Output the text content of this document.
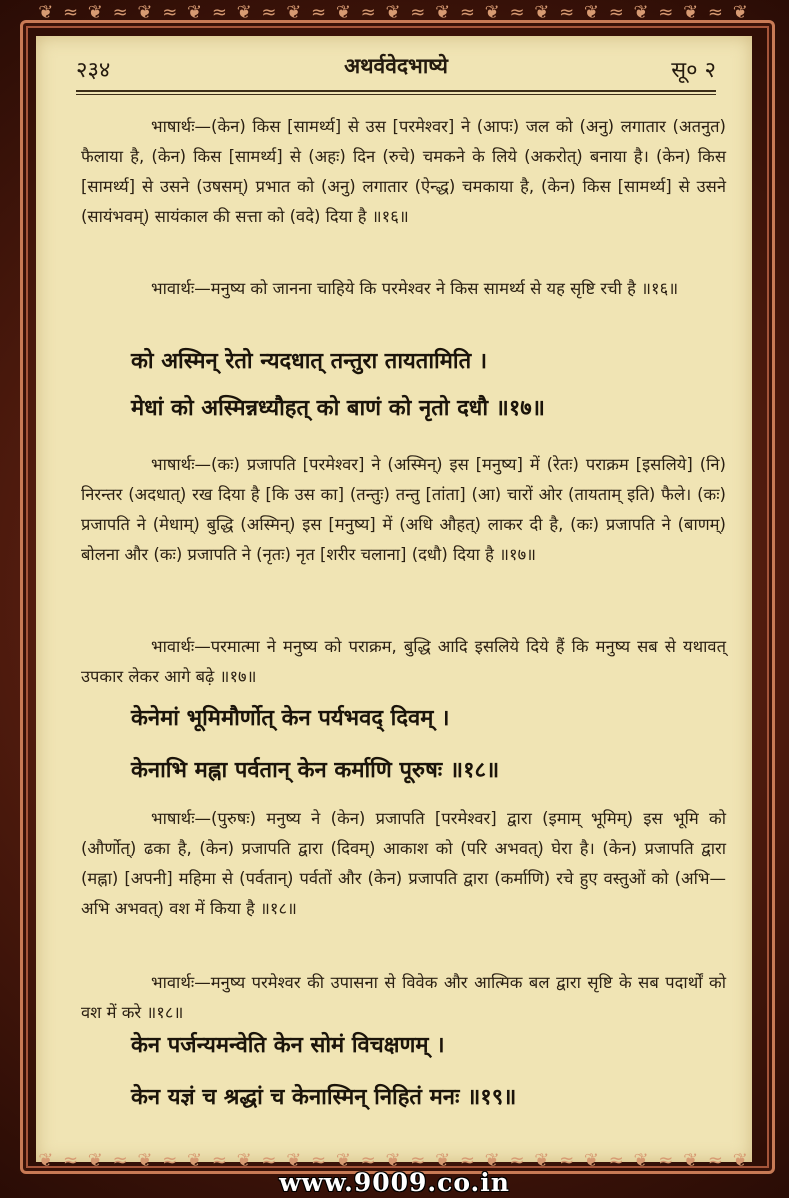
❦ ≈ ❦ ≈ ❦ ≈ ❦ ≈ ❦ ≈ ❦ ≈ ❦ ≈ ❦ ≈ ❦ ≈ ❦ ≈ ❦ ≈ ❦ ≈ ❦ ≈ ❦ ≈ ❦
२३४	अथर्ववेदभाष्ये	सू० २
भाषार्थः—(केन) किस [सामर्थ्य] से उस [परमेश्वर] ने (आपः) जल को (अनु) लगातार (अतनुत) फैलाया है, (केन) किस [सामर्थ्य] से (अहः) दिन (रुचे) चमकने के लिये (अकरोत्) बनाया है। (केन) किस [सामर्थ्य] से उसने (उषसम्) प्रभात को (अनु) लगातार (ऐन्द्ध) चमकाया है, (केन) किस [सामर्थ्य] से उसने (सायंभवम्) सायंकाल की सत्ता को (वदे) दिया है ॥१६॥
भावार्थः—मनुष्य को जानना चाहिये कि परमेश्वर ने किस सामर्थ्य से यह सृष्टि रची है ॥१६॥
को अस्मिन् रेतो न्यदधात् तन्तुरा तायतामिति ।
मेधां को अस्मिन्नध्यौहत् को बाणं को नृतो दधौ ॥१७॥
भाषार्थः—(कः) प्रजापति [परमेश्वर] ने (अस्मिन्) इस [मनुष्य] में (रेतः) पराक्रम [इसलिये] (नि) निरन्तर (अदधात्) रख दिया है [कि उस का] (तन्तुः) तन्तु [तांता] (आ) चारों ओर (तायताम् इति) फैले। (कः) प्रजापति ने (मेधाम्) बुद्धि (अस्मिन्) इस [मनुष्य] में (अधि औहत्) लाकर दी है, (कः) प्रजापति ने (बाणम्) बोलना और (कः) प्रजापति ने (नृतः) नृत [शरीर चलाना] (दधौ) दिया है ॥१७॥
भावार्थः—परमात्मा ने मनुष्य को पराक्रम, बुद्धि आदि इसलिये दिये हैं कि मनुष्य सब से यथावत् उपकार लेकर आगे बढ़े ॥१७॥
केनेमां भूमिमौर्णोत् केन पर्यभवद् दिवम् ।
केनाभि मह्ना पर्वतान् केन कर्माणि पूरुषः ॥१८॥
भाषार्थः—(पुरुषः) मनुष्य ने (केन) प्रजापति [परमेश्वर] द्वारा (इमाम् भूमिम्) इस भूमि को (और्णोत्) ढका है, (केन) प्रजापति द्वारा (दिवम्) आकाश को (परि अभवत्) घेरा है। (केन) प्रजापति द्वारा (मह्ना) [अपनी] महिमा से (पर्वतान्) पर्वतों और (केन) प्रजापति द्वारा (कर्माणि) रचे हुए वस्तुओं को (अभि— अभि अभवत्) वश में किया है ॥१८॥
भावार्थः—मनुष्य परमेश्वर की उपासना से विवेक और आत्मिक बल द्वारा सृष्टि के सब पदार्थों को वश में करे ॥१८॥
केन पर्जन्यमन्वेति केन सोमं विचक्षणम् ।
केन यज्ञं च श्रद्धां च केनास्मिन् निहितं मनः ॥१९॥
❦ ≈ ❦ ≈ ❦ ≈ ❦ ≈ ❦ ≈ ❦ ≈ ❦ ≈ ❦ ≈ ❦ ≈ ❦ ≈ ❦ ≈ ❦ ≈ ❦ ≈ ❦ ≈ ❦
www.9009.co.in
